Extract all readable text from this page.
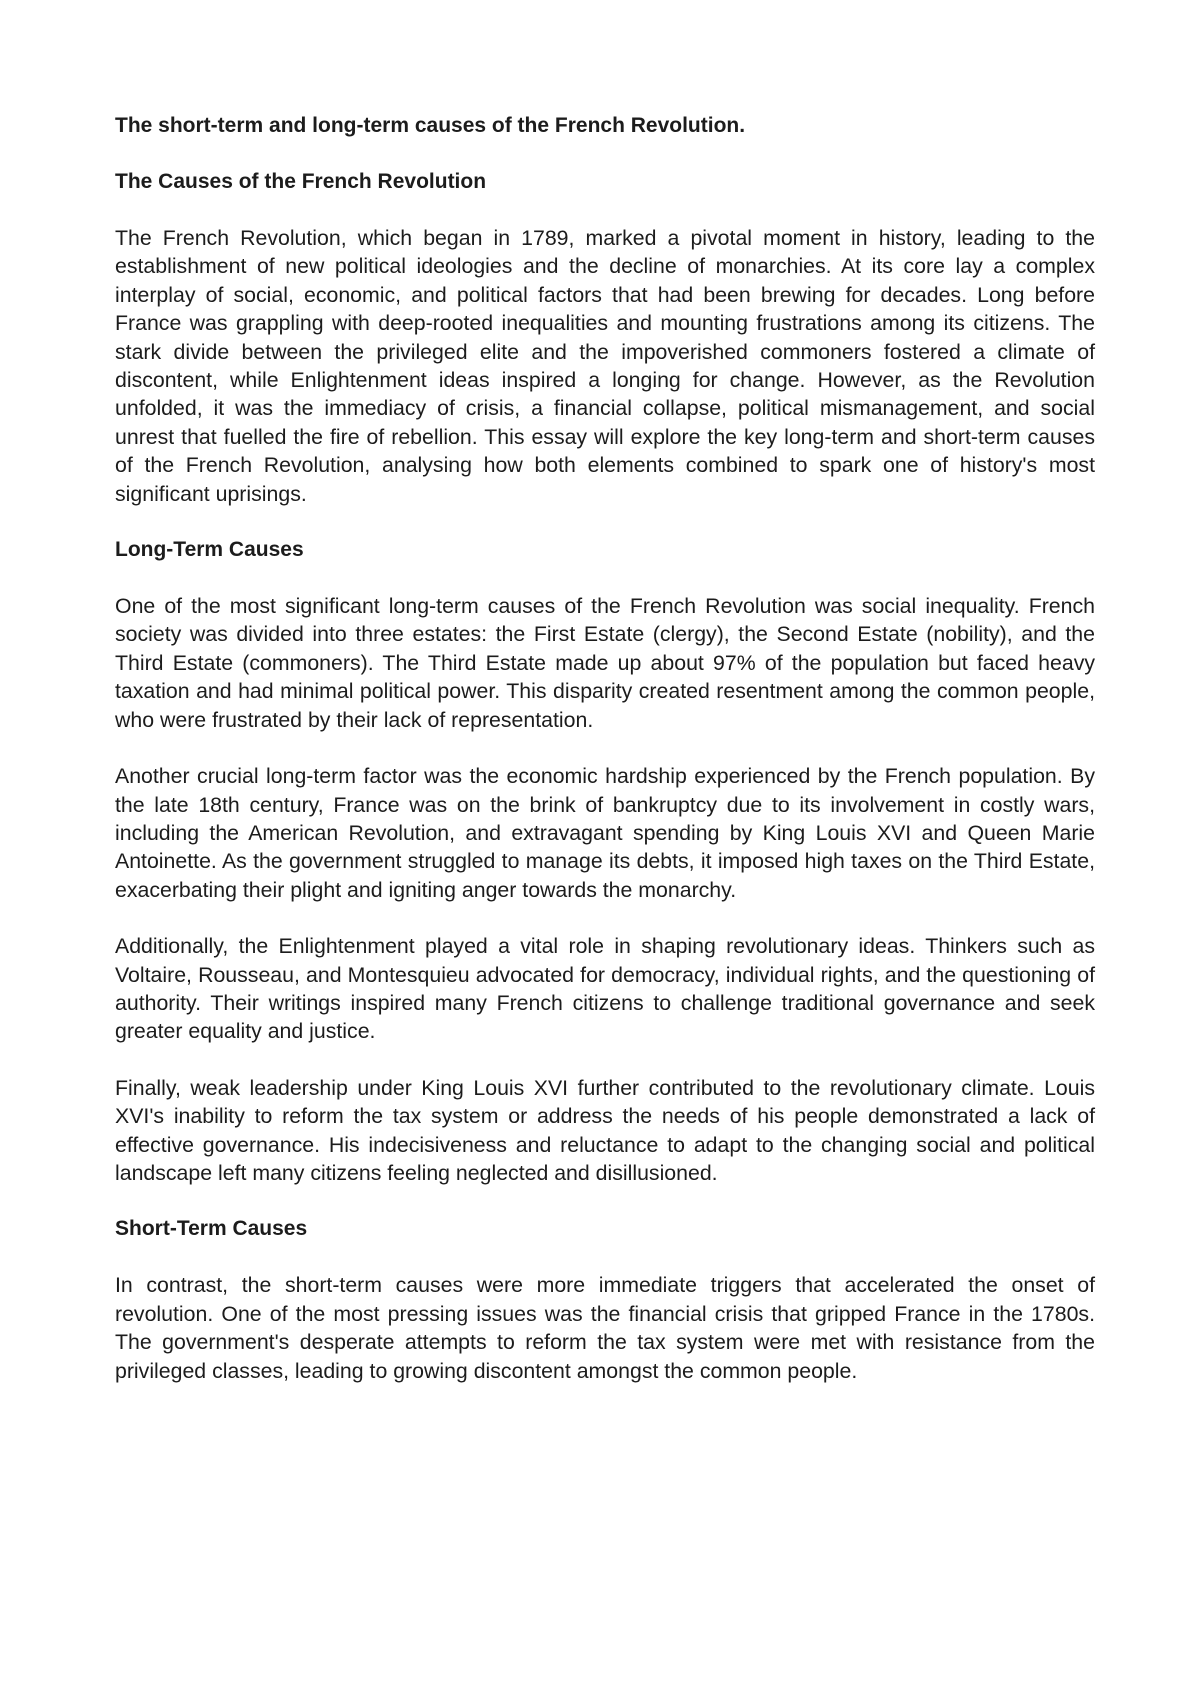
The short-term and long-term causes of the French Revolution.
The Causes of the French Revolution

The French Revolution, which began in 1789, marked a pivotal moment in history, leading to the establishment of new political ideologies and the decline of monarchies. At its core lay a complex interplay of social, economic, and political factors that had been brewing for decades. Long before France was grappling with deep-rooted inequalities and mounting frustrations among its citizens. The stark divide between the privileged elite and the impoverished commoners fostered a climate of discontent, while Enlightenment ideas inspired a longing for change. However, as the Revolution unfolded, it was the immediacy of crisis, a financial collapse, political mismanagement, and social unrest that fuelled the fire of rebellion. This essay will explore the key long-term and short-term causes of the French Revolution, analysing how both elements combined to spark one of history's most significant uprisings.

Long-Term Causes

One of the most significant long-term causes of the French Revolution was social inequality. French society was divided into three estates: the First Estate (clergy), the Second Estate (nobility), and the Third Estate (commoners). The Third Estate made up about 97% of the population but faced heavy taxation and had minimal political power. This disparity created resentment among the common people, who were frustrated by their lack of representation.

Another crucial long-term factor was the economic hardship experienced by the French population. By the late 18th century, France was on the brink of bankruptcy due to its involvement in costly wars, including the American Revolution, and extravagant spending by King Louis XVI and Queen Marie Antoinette. As the government struggled to manage its debts, it imposed high taxes on the Third Estate, exacerbating their plight and igniting anger towards the monarchy.

Additionally, the Enlightenment played a vital role in shaping revolutionary ideas. Thinkers such as Voltaire, Rousseau, and Montesquieu advocated for democracy, individual rights, and the questioning of authority. Their writings inspired many French citizens to challenge traditional governance and seek greater equality and justice.

Finally, weak leadership under King Louis XVI further contributed to the revolutionary climate. Louis XVI's inability to reform the tax system or address the needs of his people demonstrated a lack of effective governance. His indecisiveness and reluctance to adapt to the changing social and political landscape left many citizens feeling neglected and disillusioned.

Short-Term Causes

In contrast, the short-term causes were more immediate triggers that accelerated the onset of revolution. One of the most pressing issues was the financial crisis that gripped France in the 1780s. The government's desperate attempts to reform the tax system were met with resistance from the privileged classes, leading to growing discontent amongst the common people.
